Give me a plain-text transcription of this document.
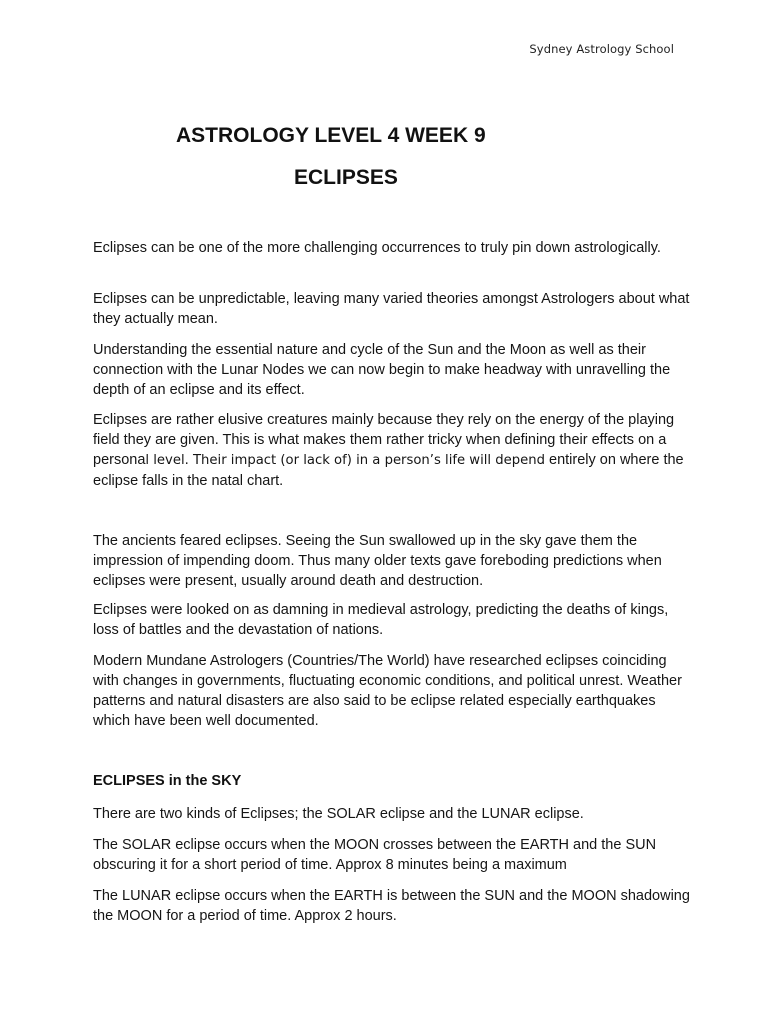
Sydney Astrology School
ASTROLOGY LEVEL 4 WEEK 9
ECLIPSES

Eclipses can be one of the more challenging occurrences to truly pin down astrologically.

Eclipses can be unpredictable, leaving many varied theories amongst Astrologers about what they actually mean.

Understanding the essential nature and cycle of the Sun and the Moon as well as their connection with the Lunar Nodes we can now begin to make headway with unravelling the depth of an eclipse and its effect.

Eclipses are rather elusive creatures mainly because they rely on the energy of the playing field they are given. This is what makes them rather tricky when defining their effects on a personal level. Their impact (or lack of) in a person’s life will depend entirely on where the eclipse falls in the natal chart.

The ancients feared eclipses. Seeing the Sun swallowed up in the sky gave them the impression of impending doom. Thus many older texts gave foreboding predictions when eclipses were present, usually around death and destruction.

Eclipses were looked on as damning in medieval astrology, predicting the deaths of kings, loss of battles and the devastation of nations.

Modern Mundane Astrologers (Countries/The World) have researched eclipses coinciding with changes in governments, fluctuating economic conditions, and political unrest. Weather patterns and natural disasters are also said to be eclipse related especially earthquakes which have been well documented.

ECLIPSES in the SKY

There are two kinds of Eclipses; the SOLAR eclipse and the LUNAR eclipse.

The SOLAR eclipse occurs when the MOON crosses between the EARTH and the SUN obscuring it for a short period of time. Approx 8 minutes being a maximum

The LUNAR eclipse occurs when the EARTH is between the SUN and the MOON shadowing the MOON for a period of time. Approx 2 hours.
